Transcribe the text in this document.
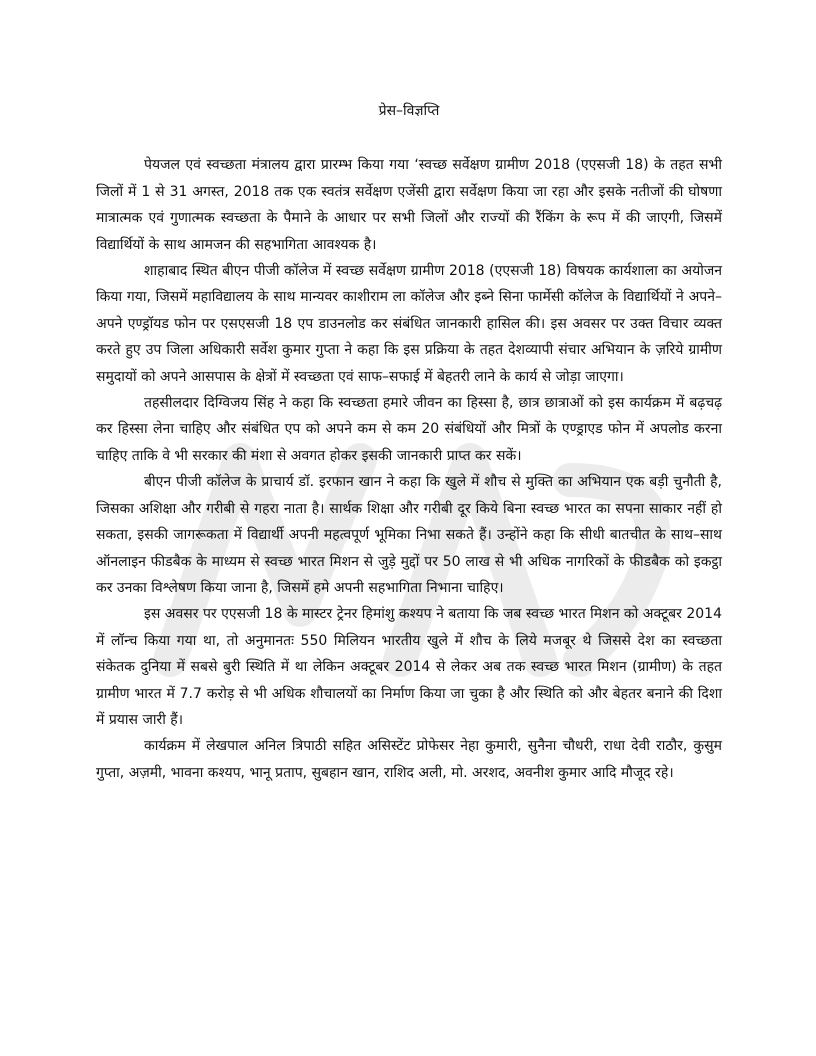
प्रेस–विज्ञप्ति

पेयजल एवं स्वच्छता मंत्रालय द्वारा प्रारम्भ किया गया ‘स्वच्छ सर्वेक्षण ग्रामीण 2018 (एएसजी 18) के तहत सभी जिलों में 1 से 31 अगस्त, 2018 तक एक स्वतंत्र सर्वेक्षण एजेंसी द्वारा सर्वेक्षण किया जा रहा और इसके नतीजों की घोषणा मात्रात्मक एवं गुणात्मक स्वच्छता के पैमाने के आधार पर सभी जिलों और राज्यों की रैंकिंग के रूप में की जाएगी, जिसमें विद्यार्थियों के साथ आमजन की सहभागिता आवश्यक है।

शाहाबाद स्थित बीएन पीजी कॉलेज में स्वच्छ सर्वेक्षण ग्रामीण 2018 (एएसजी 18) विषयक कार्यशाला का अयोजन किया गया, जिसमें महाविद्यालय के साथ मान्यवर काशीराम ला कॉलेज और इब्ने सिना फार्मेसी कॉलेज के विद्यार्थियों ने अपने–अपने एण्ड्रॉयड फोन पर एसएसजी 18 एप डाउनलोड कर संबंधित जानकारी हासिल की। इस अवसर पर उक्त विचार व्यक्त करते हुए उप जिला अधिकारी सर्वेश कुमार गुप्ता ने कहा कि इस प्रक्रिया के तहत देशव्यापी संचार अभियान के ज़रिये ग्रामीण समुदायों को अपने आसपास के क्षेत्रों में स्वच्छता एवं साफ–सफाई में बेहतरी लाने के कार्य से जोड़ा जाएगा।

तहसीलदार दिग्विजय सिंह ने कहा कि स्वच्छता हमारे जीवन का हिस्सा है, छात्र छात्राओं को इस कार्यक्रम में बढ़चढ़ कर हिस्सा लेना चाहिए और संबंधित एप को अपने कम से कम 20 संबंधियों और मित्रों के एण्ड्राएड फोन में अपलोड करना चाहिए ताकि वे भी सरकार की मंशा से अवगत होकर इसकी जानकारी प्राप्त कर सकें।

बीएन पीजी कॉलेज के प्राचार्य डॉ. इरफान खान ने कहा कि खुले में शौच से मुक्ति का अभियान एक बड़ी चुनौती है, जिसका अशिक्षा और गरीबी से गहरा नाता है। सार्थक शिक्षा और गरीबी दूर किये बिना स्वच्छ भारत का सपना साकार नहीं हो सकता, इसकी जागरूकता में विद्यार्थी अपनी महत्वपूर्ण भूमिका निभा सकते हैं। उन्होंने कहा कि सीधी बातचीत के साथ–साथ ऑनलाइन फीडबैक के माध्यम से स्वच्छ भारत मिशन से जुड़े मुद्दों पर 50 लाख से भी अधिक नागरिकों के फीडबैक को इकट्ठा कर उनका विश्लेषण किया जाना है, जिसमें हमे अपनी सहभागिता निभाना चाहिए।

इस अवसर पर एएसजी 18 के मास्टर ट्रेनर हिमांशु कश्यप ने बताया कि जब स्वच्छ भारत मिशन को अक्टूबर 2014 में लॉन्च किया गया था, तो अनुमानतः 550 मिलियन भारतीय खुले में शौच के लिये मजबूर थे जिससे देश का स्वच्छता संकेतक दुनिया में सबसे बुरी स्थिति में था लेकिन अक्टूबर 2014 से लेकर अब तक स्वच्छ भारत मिशन (ग्रामीण) के तहत ग्रामीण भारत में 7.7 करोड़ से भी अधिक शौचालयों का निर्माण किया जा चुका है और स्थिति को और बेहतर बनाने की दिशा में प्रयास जारी हैं।

कार्यक्रम में लेखपाल अनिल त्रिपाठी सहित असिस्टेंट प्रोफेसर नेहा कुमारी, सुनैना चौधरी, राधा देवी राठौर, कुसुम गुप्ता, अज़मी, भावना कश्यप, भानू प्रताप, सुबहान खान, राशिद अली, मो. अरशद, अवनीश कुमार आदि मौजूद रहे।
